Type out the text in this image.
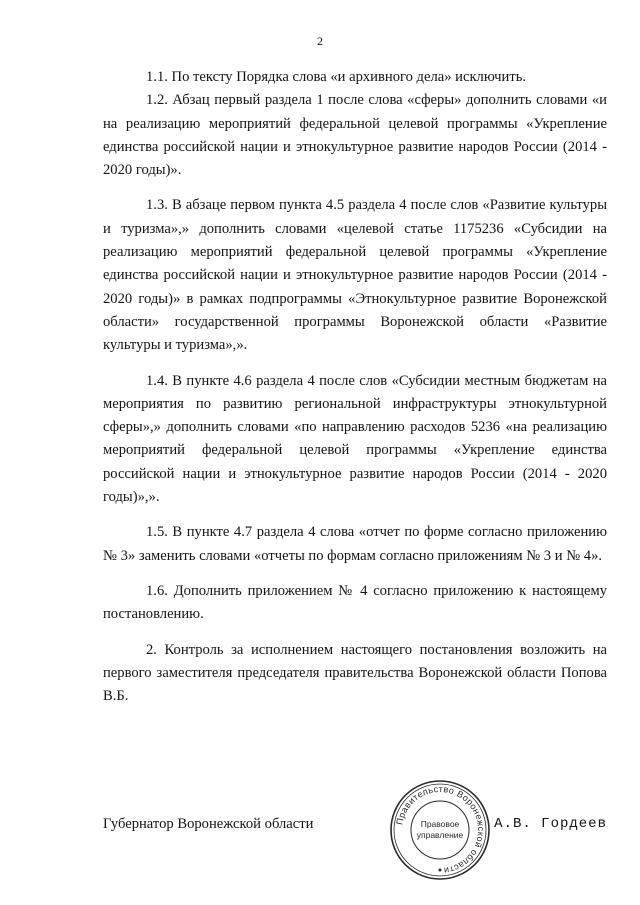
2

1.1. По тексту Порядка слова «и архивного дела» исключить.

1.2. Абзац первый раздела 1 после слова «сферы» дополнить словами «и на реализацию мероприятий федеральной целевой программы «Укрепление единства российской нации и этнокультурное развитие народов России (2014 - 2020 годы)».

1.3. В абзаце первом пункта 4.5 раздела 4 после слов «Развитие культуры и туризма»,» дополнить словами «целевой статье 1175236 «Субсидии на реализацию мероприятий федеральной целевой программы «Укрепление единства российской нации и этнокультурное развитие народов России (2014 - 2020 годы)» в рамках подпрограммы «Этнокультурное развитие Воронежской области» государственной программы Воронежской области «Развитие культуры и туризма»,».

1.4. В пункте 4.6 раздела 4 после слов «Субсидии местным бюджетам на мероприятия по развитию региональной инфраструктуры этнокультурной сферы»,» дополнить словами «по направлению расходов 5236 «на реализацию мероприятий федеральной целевой программы «Укрепление единства российской нации и этнокультурное развитие народов России (2014 - 2020 годы)»,».

1.5. В пункте 4.7 раздела 4 слова «отчет по форме согласно приложению № 3» заменить словами «отчеты по формам согласно приложениям № 3 и № 4».

1.6. Дополнить приложением № 4 согласно приложению к настоящему постановлению.

2. Контроль за исполнением настоящего постановления возложить на первого заместителя председателя правительства Воронежской области Попова В.Б.

Губернатор Воронежской области	А.В. Гордеев
Правительство Воронежской области
Правовое
управление
